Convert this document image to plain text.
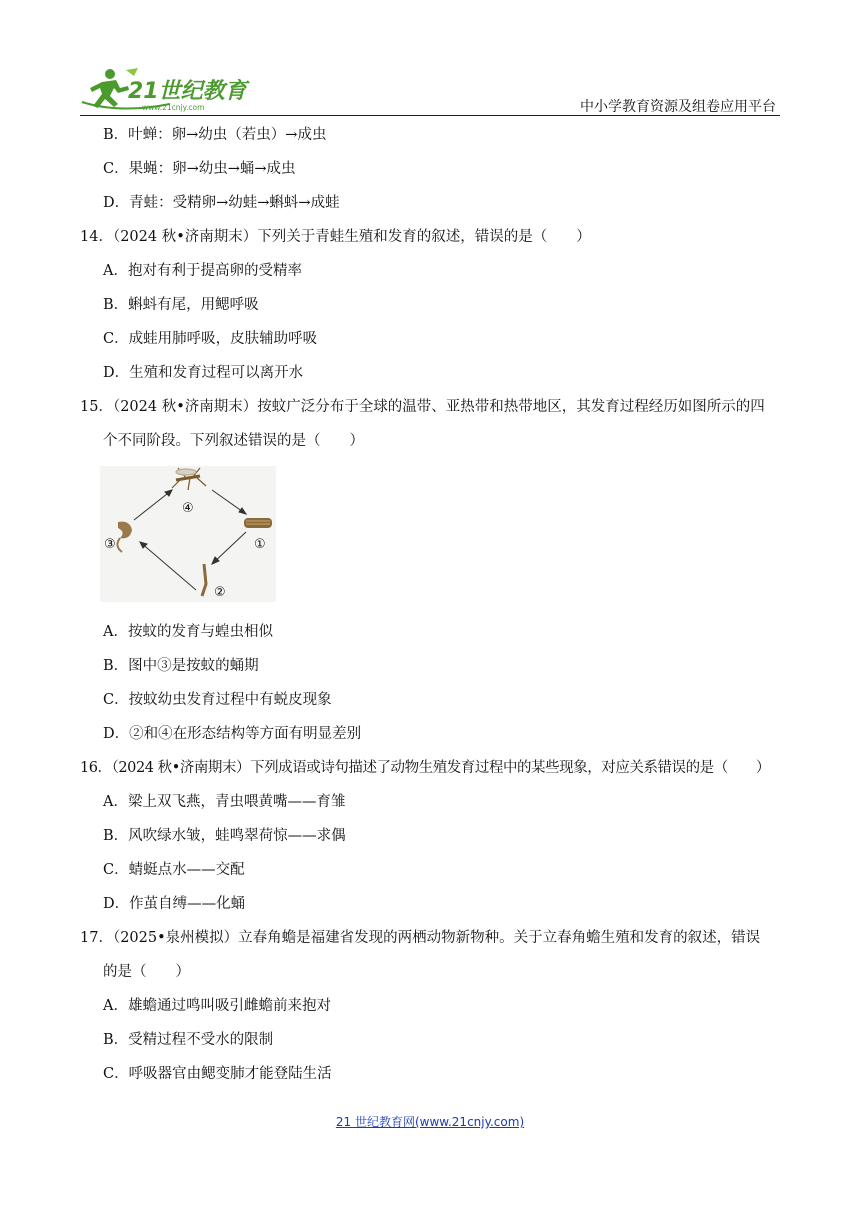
21世纪教育
www.21cnjy.com	中小学教育资源及组卷应用平台
B．叶蝉：卵→幼虫（若虫）→成虫
C．果蝇：卵→幼虫→蛹→成虫
D．青蛙：受精卵→幼蛙→蝌蚪→成蛙
14．（2024 秋•济南期末）下列关于青蛙生殖和发育的叙述，错误的是（　　）
A．抱对有利于提高卵的受精率
B．蝌蚪有尾，用鳃呼吸
C．成蛙用肺呼吸，皮肤辅助呼吸
D．生殖和发育过程可以离开水
15．（2024 秋•济南期末）按蚊广泛分布于全球的温带、亚热带和热带地区，其发育过程经历如图所示的四
个不同阶段。下列叙述错误的是（　　）
④
①
②
③
A．按蚊的发育与蝗虫相似
B．图中③是按蚊的蛹期
C．按蚊幼虫发育过程中有蜕皮现象
D．②和④在形态结构等方面有明显差别
16．（2024 秋•济南期末）下列成语或诗句描述了动物生殖发育过程中的某些现象，对应关系错误的是（　　）
A．梁上双飞燕，青虫喂黄嘴——育雏
B．风吹绿水皱，蛙鸣翠荷惊——求偶
C．蜻蜓点水——交配
D．作茧自缚——化蛹
17．（2025•泉州模拟）立春角蟾是福建省发现的两栖动物新物种。关于立春角蟾生殖和发育的叙述，错误
的是（　　）
A．雄蟾通过鸣叫吸引雌蟾前来抱对
B．受精过程不受水的限制
C．呼吸器官由鳃变肺才能登陆生活
21 世纪教育网(www.21cnjy.com)
